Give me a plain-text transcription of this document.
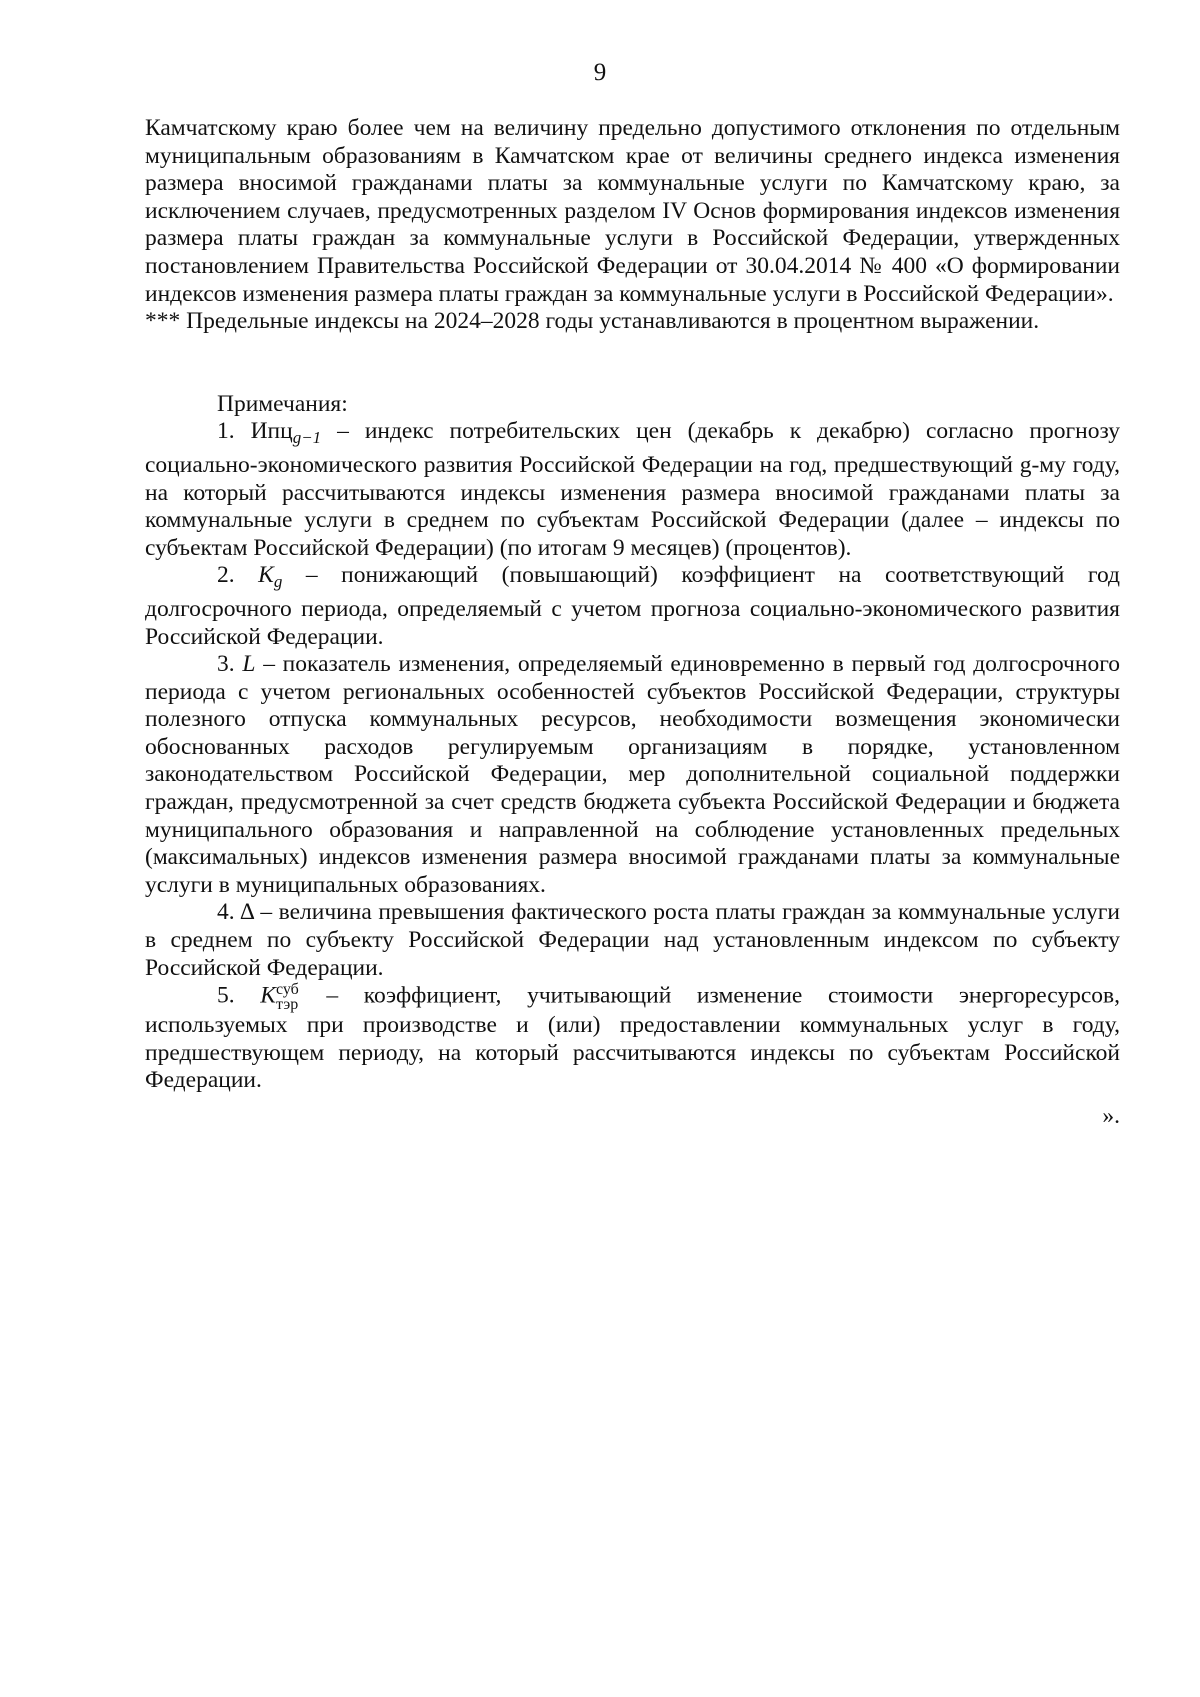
9

Камчатскому краю более чем на величину предельно допустимого отклонения по отдельным муниципальным образованиям в Камчатском крае от величины среднего индекса изменения размера вносимой гражданами платы за коммунальные услуги по Камчатскому краю, за исключением случаев, предусмотренных разделом IV Основ формирования индексов изменения размера платы граждан за коммунальные услуги в Российской Федерации, утвержденных постановлением Правительства Российской Федерации от 30.04.2014 № 400 «О формировании индексов изменения размера платы граждан за коммунальные услуги в Российской Федерации».

*** Предельные индексы на 2024–2028 годы устанавливаются в процентном выражении.

Примечания:

1. Ипц$_{g-1}$ – индекс потребительских цен (декабрь к декабрю) согласно прогнозу социально-экономического развития Российской Федерации на год, предшествующий g-му году, на который рассчитываются индексы изменения размера вносимой гражданами платы за коммунальные услуги в среднем по субъектам Российской Федерации (далее – индексы по субъектам Российской Федерации) (по итогам 9 месяцев) (процентов).

2. $K_g$ – понижающий (повышающий) коэффициент на соответствующий год долгосрочного периода, определяемый с учетом прогноза социально-экономического развития Российской Федерации.

3. L – показатель изменения, определяемый единовременно в первый год долгосрочного периода с учетом региональных особенностей субъектов Российской Федерации, структуры полезного отпуска коммунальных ресурсов, необходимости возмещения экономически обоснованных расходов регулируемым организациям в порядке, установленном законодательством Российской Федерации, мер дополнительной социальной поддержки граждан, предусмотренной за счет средств бюджета субъекта Российской Федерации и бюджета муниципального образования и направленной на соблюдение установленных предельных (максимальных) индексов изменения размера вносимой гражданами платы за коммунальные услуги в муниципальных образованиях.

4. Δ – величина превышения фактического роста платы граждан за коммунальные услуги в среднем по субъекту Российской Федерации над установленным индексом по субъекту Российской Федерации.

5. K суб
тэр – коэффициент, учитывающий изменение стоимости энергоресурсов, используемых при производстве и (или) предоставлении коммунальных услуг в году, предшествующем периоду, на который рассчитываются индексы по субъектам Российской Федерации.

».
